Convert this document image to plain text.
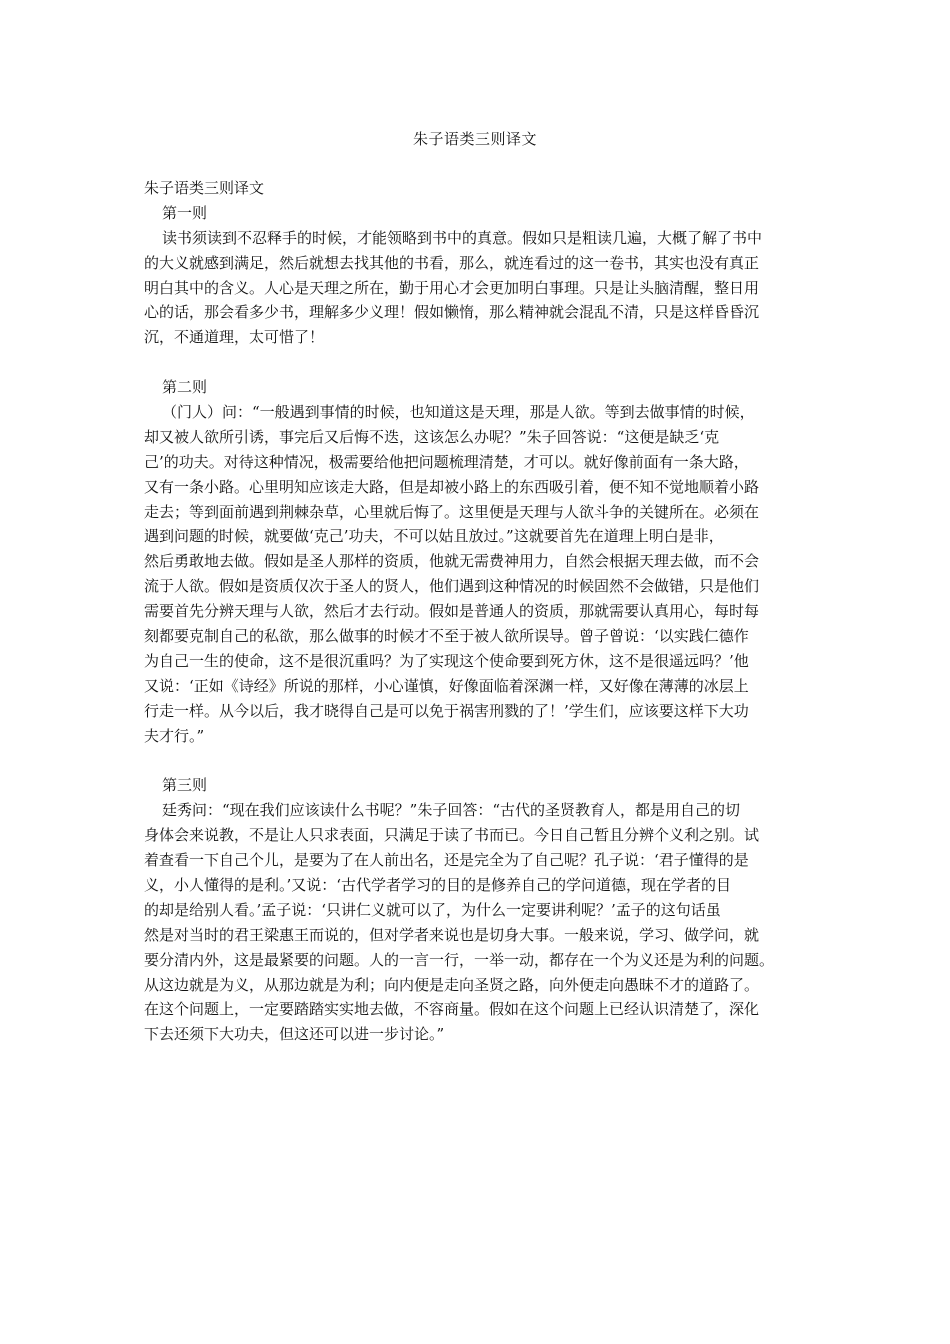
朱子语类三则译文
朱子语类三则译文
第一则
读书须读到不忍释手的时候，才能领略到书中的真意。假如只是粗读几遍，大概了解了书中
的大义就感到满足，然后就想去找其他的书看，那么，就连看过的这一卷书，其实也没有真正
明白其中的含义。人心是天理之所在，勤于用心才会更加明白事理。只是让头脑清醒，整日用
心的话，那会看多少书，理解多少义理！假如懒惰，那么精神就会混乱不清，只是这样昏昏沉
沉，不通道理，太可惜了！
第二则
（门人）问：“一般遇到事情的时候，也知道这是天理，那是人欲。等到去做事情的时候，
却又被人欲所引诱，事完后又后悔不迭，这该怎么办呢？”朱子回答说：“这便是缺乏‘克
己’的功夫。对待这种情况，极需要给他把问题梳理清楚，才可以。就好像前面有一条大路，
又有一条小路。心里明知应该走大路，但是却被小路上的东西吸引着，便不知不觉地顺着小路
走去；等到面前遇到荆棘杂草，心里就后悔了。这里便是天理与人欲斗争的关键所在。必须在
遇到问题的时候，就要做‘克己’功夫，不可以姑且放过。”这就要首先在道理上明白是非，
然后勇敢地去做。假如是圣人那样的资质，他就无需费神用力，自然会根据天理去做，而不会
流于人欲。假如是资质仅次于圣人的贤人，他们遇到这种情况的时候固然不会做错，只是他们
需要首先分辨天理与人欲，然后才去行动。假如是普通人的资质，那就需要认真用心，每时每
刻都要克制自己的私欲，那么做事的时候才不至于被人欲所误导。曾子曾说：‘以实践仁德作
为自己一生的使命，这不是很沉重吗？为了实现这个使命要到死方休，这不是很遥远吗？’他
又说：‘正如《诗经》所说的那样，小心谨慎，好像面临着深渊一样，又好像在薄薄的冰层上
行走一样。从今以后，我才晓得自己是可以免于祸害刑戮的了！’学生们，应该要这样下大功
夫才行。”
第三则
廷秀问：“现在我们应该读什么书呢？”朱子回答：“古代的圣贤教育人，都是用自己的切
身体会来说教，不是让人只求表面，只满足于读了书而已。今日自己暂且分辨个义利之别。试
着查看一下自己个儿，是要为了在人前出名，还是完全为了自己呢？孔子说：‘君子懂得的是
义，小人懂得的是利。’又说：‘古代学者学习的目的是修养自己的学问道德，现在学者的目
的却是给别人看。’孟子说：‘只讲仁义就可以了，为什么一定要讲利呢？’孟子的这句话虽
然是对当时的君王梁惠王而说的，但对学者来说也是切身大事。一般来说，学习、做学问，就
要分清内外，这是最紧要的问题。人的一言一行，一举一动，都存在一个为义还是为利的问题。
从这边就是为义，从那边就是为利；向内便是走向圣贤之路，向外便走向愚昧不才的道路了。
在这个问题上，一定要踏踏实实地去做，不容商量。假如在这个问题上已经认识清楚了，深化
下去还须下大功夫，但这还可以进一步讨论。”
